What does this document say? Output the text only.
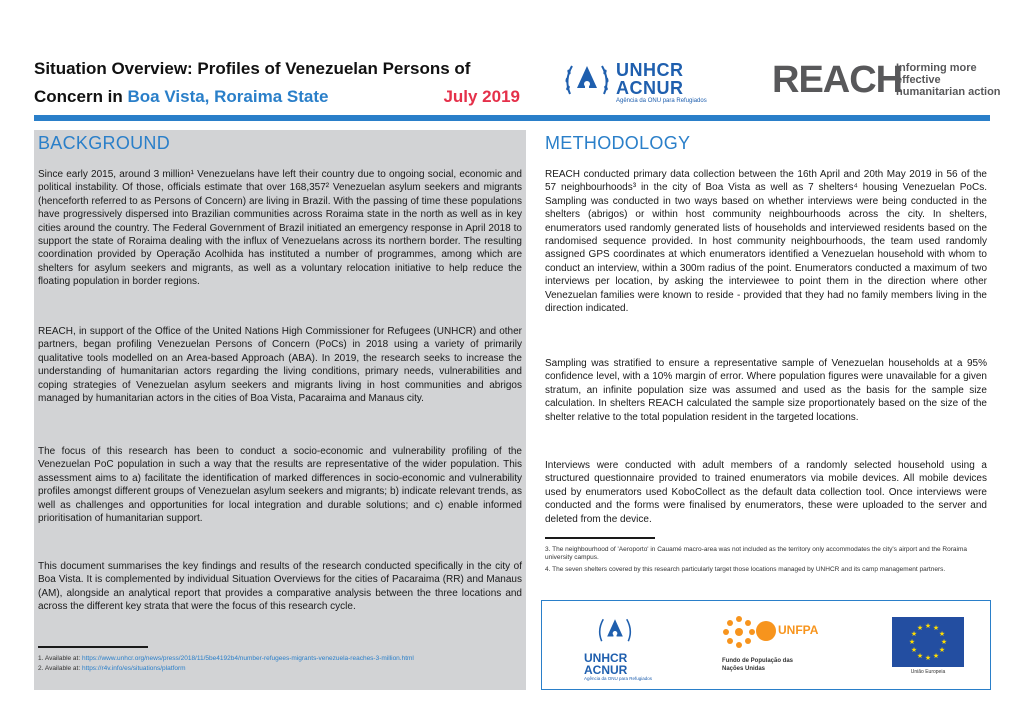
Situation Overview: Profiles of Venezuelan Persons of
Concern in Boa Vista, Roraima State	July 2019
UNHCR
ACNUR
Agência da ONU para Refugiados REACH
Informing more effective humanitarian action
BACKGROUND
Since early 2015, around 3 million¹ Venezuelans have left their country due to ongoing social, economic and political instability. Of those, officials estimate that over 168,357² Venezuelan asylum seekers and migrants (henceforth referred to as Persons of Concern) are living in Brazil. With the passing of time these populations have progressively dispersed into Brazilian communities across Roraima state in the north as well as in key cities around the country. The Federal Government of Brazil initiated an emergency response in April 2018 to support the state of Roraima dealing with the influx of Venezuelans across its northern border. The resulting coordination provided by Operação Acolhida has instituted a number of programmes, among which are shelters for asylum seekers and migrants, as well as a voluntary relocation initiative to help reduce the floating population in border regions.
REACH, in support of the Office of the United Nations High Commissioner for Refugees (UNHCR) and other partners, began profiling Venezuelan Persons of Concern (PoCs) in 2018 using a variety of primarily qualitative tools modelled on an Area-based Approach (ABA). In 2019, the research seeks to increase the understanding of humanitarian actors regarding the living conditions, primary needs, vulnerabilities and coping strategies of Venezuelan asylum seekers and migrants living in host communities and abrigos managed by humanitarian actors in the cities of Boa Vista, Pacaraima and Manaus city.
The focus of this research has been to conduct a socio-economic and vulnerability profiling of the Venezuelan PoC population in such a way that the results are representative of the wider population. This assessment aims to a) facilitate the identification of marked differences in socio-economic and vulnerability profiles amongst different groups of Venezuelan asylum seekers and migrants; b) indicate relevant trends, as well as challenges and opportunities for local integration and durable solutions; and c) enable informed prioritisation of humanitarian support.
This document summarises the key findings and results of the research conducted specifically in the city of Boa Vista. It is complemented by individual Situation Overviews for the cities of Pacaraima (RR) and Manaus (AM), alongside an analytical report that provides a comparative analysis between the three locations and across the different key strata that were the focus of this research cycle.
1. Available at: https://www.unhcr.org/news/press/2018/11/5be4192b4/number-refugees-migrants-venezuela-reaches-3-million.html
2. Available at: https://r4v.info/es/situations/platform
METHODOLOGY
REACH conducted primary data collection between the 16th April and 20th May 2019 in 56 of the 57 neighbourhoods³ in the city of Boa Vista as well as 7 shelters⁴ housing Venezuelan PoCs. Sampling was conducted in two ways based on whether interviews were being conducted in the shelters (abrigos) or within host community neighbourhoods across the city. In shelters, enumerators used randomly generated lists of households and interviewed residents based on the randomised sequence provided. In host community neighbourhoods, the team used randomly assigned GPS coordinates at which enumerators identified a Venezuelan household with whom to conduct an interview, within a 300m radius of the point. Enumerators conducted a maximum of two interviews per location, by asking the interviewee to point them in the direction where other Venezuelan families were known to reside - provided that they had no family members living in the direction indicated.
Sampling was stratified to ensure a representative sample of Venezuelan households at a 95% confidence level, with a 10% margin of error. Where population figures were unavailable for a given stratum, an infinite population size was assumed and used as the basis for the sample size calculation. In shelters REACH calculated the sample size proportionately based on the size of the shelter relative to the total population resident in the targeted locations.
Interviews were conducted with adult members of a randomly selected household using a structured questionnaire provided to trained enumerators via mobile devices. All mobile devices used by enumerators used KoboCollect as the default data collection tool. Once interviews were conducted and the forms were finalised by enumerators, these were uploaded to the server and deleted from the device.
3. The neighbourhood of 'Aeroporto' in Cauamé macro-area was not included as the territory only accommodates the city's airport and the Roraima university campus.
4. The seven shelters covered by this research particularly target those locations managed by UNHCR and its camp management partners.
UNHCR
ACNUR
Agência da ONU para Refugiados
UNFPA
Fundo de População das Nações Unidas
★ ★
★
★
★
★
★
★
★
★
★
★
União Europeia
